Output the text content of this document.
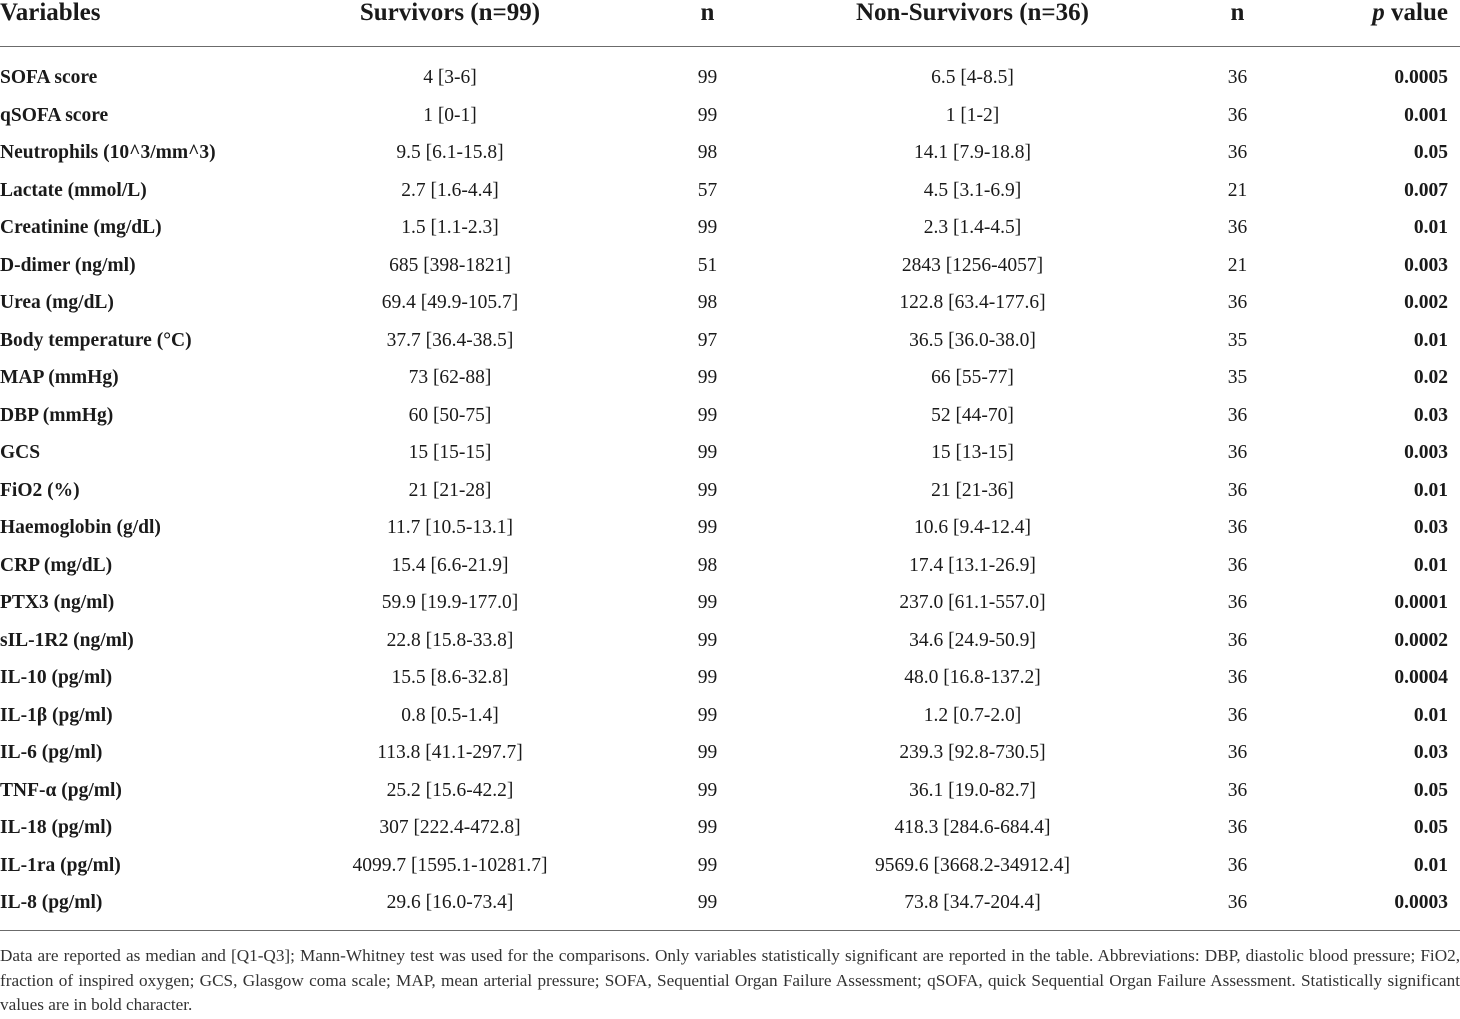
Variables	Survivors (n=99)	n	Non-Survivors (n=36)	n	p value
SOFA score	4 [3-6]	99	6.5 [4-8.5]	36	0.0005
qSOFA score	1 [0-1]	99	1 [1-2]	36	0.001
Neutrophils (10^3/mm^3)	9.5 [6.1-15.8]	98	14.1 [7.9-18.8]	36	0.05
Lactate (mmol/L)	2.7 [1.6-4.4]	57	4.5 [3.1-6.9]	21	0.007
Creatinine (mg/dL)	1.5 [1.1-2.3]	99	2.3 [1.4-4.5]	36	0.01
D-dimer (ng/ml)	685 [398-1821]	51	2843 [1256-4057]	21	0.003
Urea (mg/dL)	69.4 [49.9-105.7]	98	122.8 [63.4-177.6]	36	0.002
Body temperature (°C)	37.7 [36.4-38.5]	97	36.5 [36.0-38.0]	35	0.01
MAP (mmHg)	73 [62-88]	99	66 [55-77]	35	0.02
DBP (mmHg)	60 [50-75]	99	52 [44-70]	36	0.03
GCS	15 [15-15]	99	15 [13-15]	36	0.003
FiO2 (%)	21 [21-28]	99	21 [21-36]	36	0.01
Haemoglobin (g/dl)	11.7 [10.5-13.1]	99	10.6 [9.4-12.4]	36	0.03
CRP (mg/dL)	15.4 [6.6-21.9]	98	17.4 [13.1-26.9]	36	0.01
PTX3 (ng/ml)	59.9 [19.9-177.0]	99	237.0 [61.1-557.0]	36	0.0001
sIL-1R2 (ng/ml)	22.8 [15.8-33.8]	99	34.6 [24.9-50.9]	36	0.0002
IL-10 (pg/ml)	15.5 [8.6-32.8]	99	48.0 [16.8-137.2]	36	0.0004
IL-1β (pg/ml)	0.8 [0.5-1.4]	99	1.2 [0.7-2.0]	36	0.01
IL-6 (pg/ml)	113.8 [41.1-297.7]	99	239.3 [92.8-730.5]	36	0.03
TNF-α (pg/ml)	25.2 [15.6-42.2]	99	36.1 [19.0-82.7]	36	0.05
IL-18 (pg/ml)	307 [222.4-472.8]	99	418.3 [284.6-684.4]	36	0.05
IL-1ra (pg/ml)	4099.7 [1595.1-10281.7]	99	9569.6 [3668.2-34912.4]	36	0.01
IL-8 (pg/ml)	29.6 [16.0-73.4]	99	73.8 [34.7-204.4]	36	0.0003
Data are reported as median and [Q1-Q3]; Mann-Whitney test was used for the comparisons. Only variables statistically significant are reported in the table. Abbreviations: DBP, diastolic blood pressure; FiO2, fraction of inspired oxygen; GCS, Glasgow coma scale; MAP, mean arterial pressure; SOFA, Sequential Organ Failure Assessment; qSOFA, quick Sequential Organ Failure Assessment. Statistically significant values are in bold character.
